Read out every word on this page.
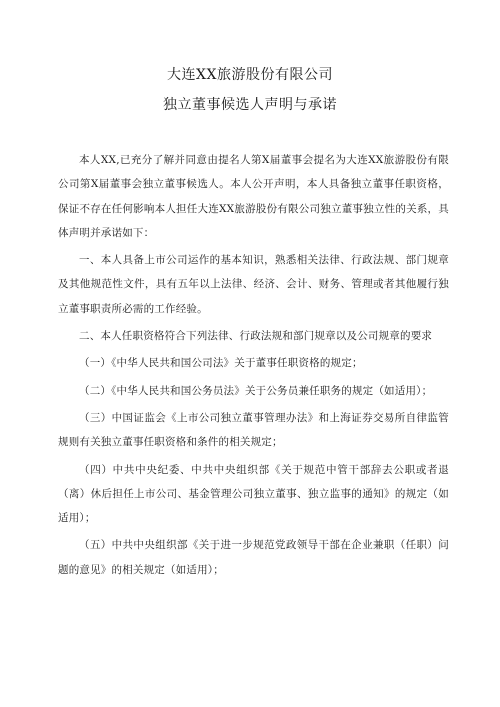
大连XX旅游股份有限公司
独立董事候选人声明与承诺

本人XX,已充分了解并同意由提名人第X届董事会提名为大连XX旅游股份有限公司第X届董事会独立董事候选人。本人公开声明，本人具备独立董事任职资格，保证不存在任何影响本人担任大连XX旅游股份有限公司独立董事独立性的关系，具体声明并承诺如下：

一、本人具备上市公司运作的基本知识，熟悉相关法律、行政法规、部门规章及其他规范性文件，具有五年以上法律、经济、会计、财务、管理或者其他履行独立董事职责所必需的工作经验。

二、本人任职资格符合下列法律、行政法规和部门规章以及公司规章的要求

（一）《中华人民共和国公司法》关于董事任职资格的规定；

（二）《中华人民共和国公务员法》关于公务员兼任职务的规定（如适用）；

（三）中国证监会《上市公司独立董事管理办法》和上海证券交易所自律监管规则有关独立董事任职资格和条件的相关规定；

（四）中共中央纪委、中共中央组织部《关于规范中管干部辞去公职或者退（离）休后担任上市公司、基金管理公司独立董事、独立监事的通知》的规定（如适用）；

（五）中共中央组织部《关于进一步规范党政领导干部在企业兼职（任职）问题的意见》的相关规定（如适用）；
